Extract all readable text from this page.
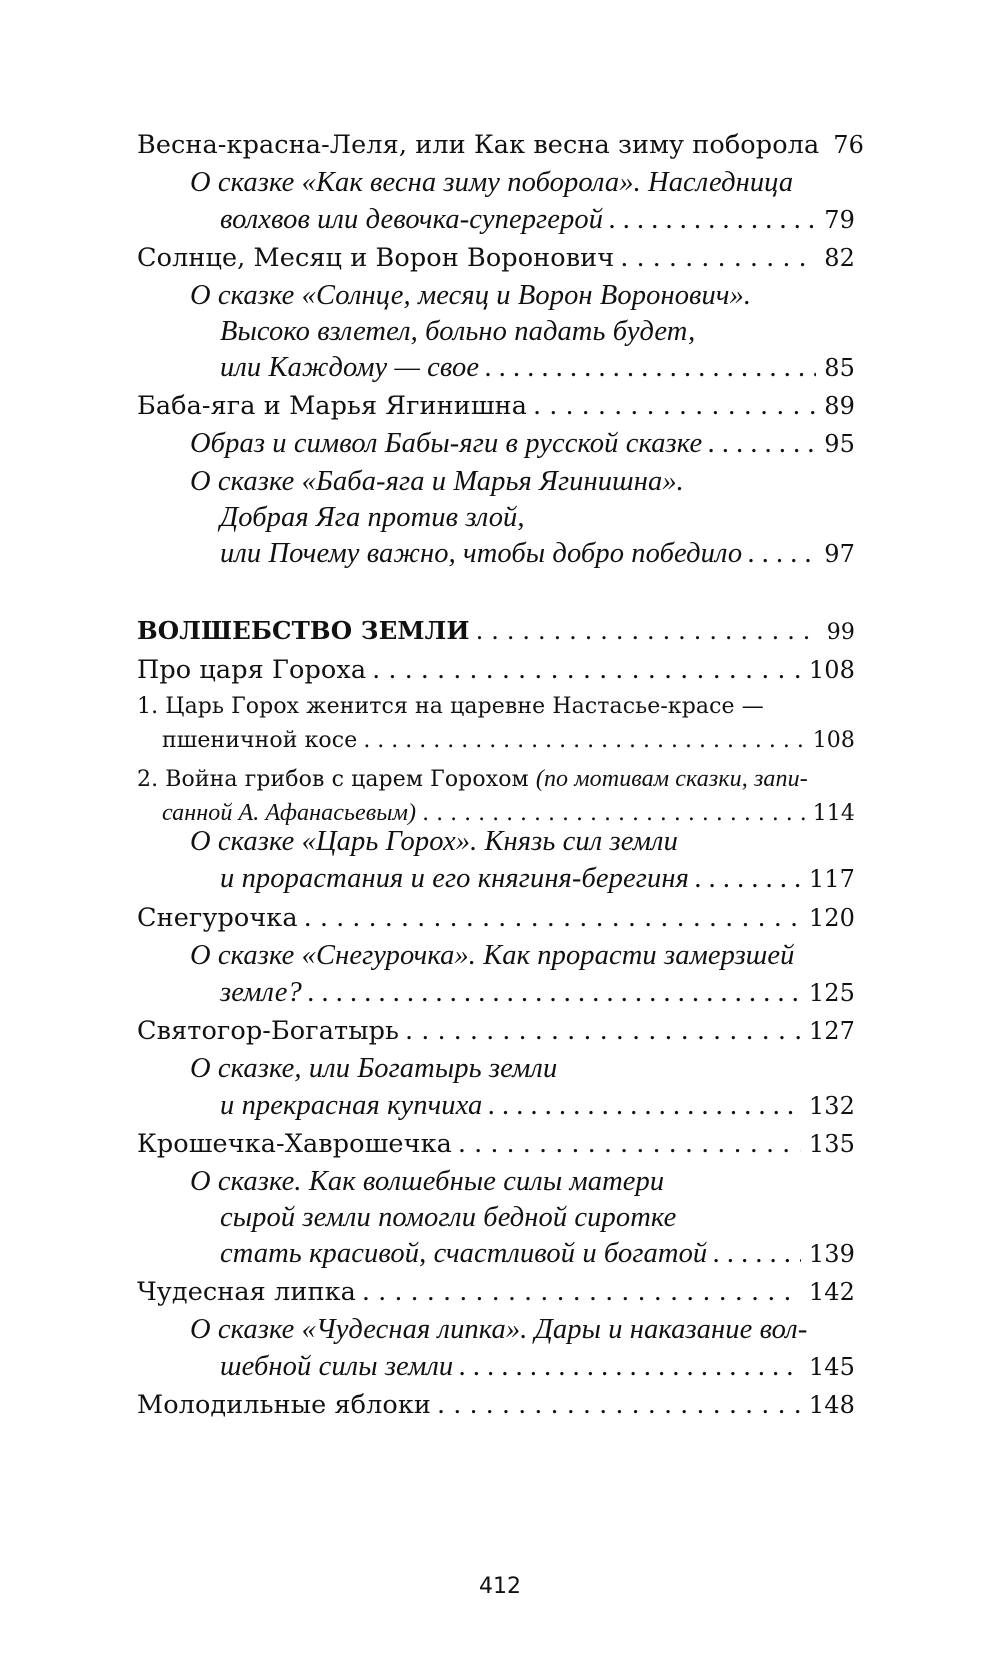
Весна-красна-Леля, или Как весна зиму поборола 76
О сказке «Как весна зиму поборола». Наследница
волхвов или девочка-супергерой . . .	79
Солнце, Месяц и Ворон Воронович . . .	82
О сказке «Солнце, месяц и Ворон Воронович».
Высоко взлетел, больно падать будет,
или Каждому — свое . . .	85
Баба-яга и Марья Ягинишна . . .	89
Образ и символ Бабы-яги в русской сказке . . .	95
О сказке «Баба-яга и Марья Ягинишна».
Добрая Яга против злой,
или Почему важно, чтобы добро победило . . .	97
ВОЛШЕБСТВО ЗЕМЛИ . . .	99
Про царя Гороха . . .	108
1. Царь Горох женится на царевне Настасье-красе —
пшеничной косе . . .	108
2. Война грибов с царем Горохом (по мотивам сказки, запи-
санной А. Афанасьевым) . . .	114
О сказке «Царь Горох». Князь сил земли
и прорастания и его княгиня-берегиня . . .	117
Снегурочка . . .	120
О сказке «Снегурочка». Как прорасти замерзшей
земле? . . .	125
Святогор-Богатырь . . .	127
О сказке, или Богатырь земли
и прекрасная купчиха . . .	132
Крошечка-Хаврошечка . . .	135
О сказке. Как волшебные силы матери
сырой земли помогли бедной сиротке
стать красивой, счастливой и богатой . . .	139
Чудесная липка . . .	142
О сказке «Чудесная липка». Дары и наказание вол-
шебной силы земли . . .	145
Молодильные яблоки . . .	148
412
